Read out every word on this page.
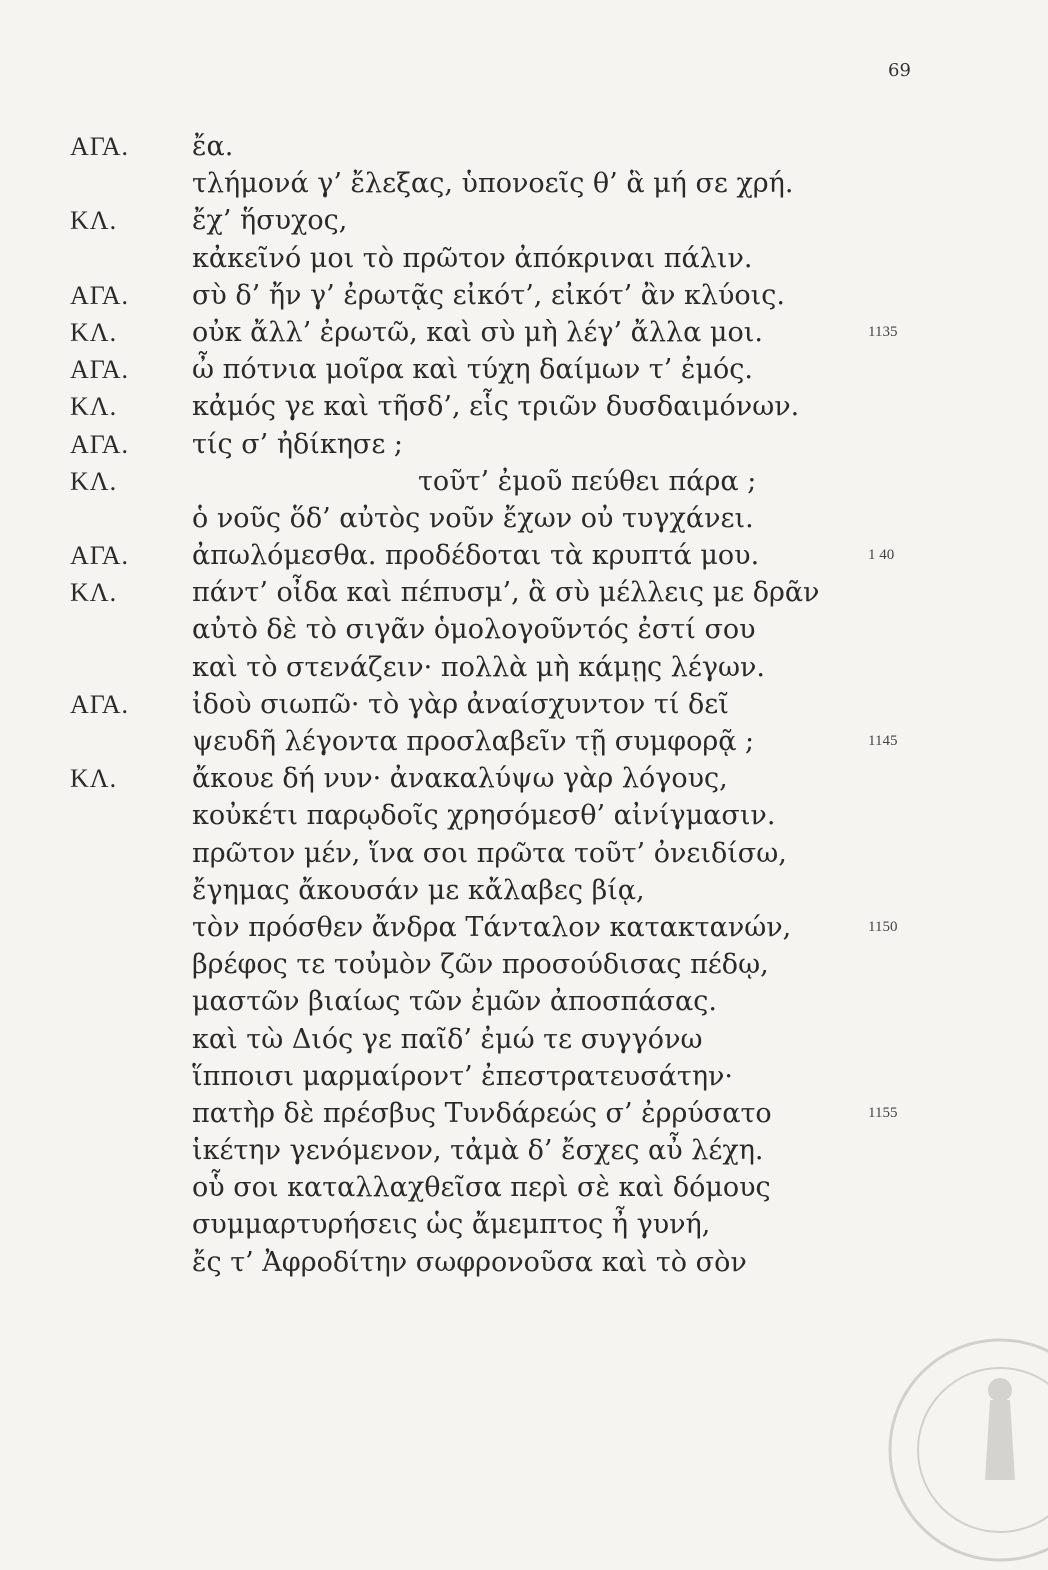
69
ΑΓΑ. ἔα.
τλήμονά γ’ ἔλεξας, ὑπονοεῖς θ’ ἃ μή σε χρή.
ΚΛ.	ἔχ’ ἥσυχος,
κἀκεῖνό μοι τὸ πρῶτον ἀπόκριναι πάλιν.
ΑΓΑ. σὺ δ’ ἤν γ’ ἐρωτᾷς εἰκότ’, εἰκότ’ ἂν κλύοις.
ΚΛ.	οὐκ ἄλλ’ ἐρωτῶ, καὶ σὺ μὴ λέγ’ ἄλλα μοι.	1135
ΑΓΑ. ὦ πότνια μοῖρα καὶ τύχη δαίμων τ’ ἐμός.
ΚΛ.	κἀμός γε καὶ τῆσδ’, εἷς τριῶν δυσδαιμόνων.
ΑΓΑ. τίς σ’ ἠδίκησε ;
ΚΛ.	τοῦτ’ ἐμοῦ πεύθει πάρα ;
ὁ νοῦς ὅδ’ αὐτὸς νοῦν ἔχων οὐ τυγχάνει.
ΑΓΑ. ἀπωλόμεσθα. προδέδοται τὰ κρυπτά μου.	1 40
ΚΛ.	πάντ’ οἶδα καὶ πέπυσμ’, ἃ σὺ μέλλεις με δρᾶν
αὐτὸ δὲ τὸ σιγᾶν ὁμολογοῦντός ἐστί σου
καὶ τὸ στενάζειν· πολλὰ μὴ κάμῃς λέγων.
ΑΓΑ. ἰδοὺ σιωπῶ· τὸ γὰρ ἀναίσχυντον τί δεῖ
ψευδῆ λέγοντα προσλαβεῖν τῇ συμφορᾷ ;	1145
ΚΛ.	ἄκουε δή νυν· ἀνακαλύψω γὰρ λόγους,
κοὐκέτι παρῳδοῖς χρησόμεσθ’ αἰνίγμασιν.
πρῶτον μέν, ἵνα σοι πρῶτα τοῦτ’ ὀνειδίσω,
ἔγημας ἄκουσάν με κἄλαβες βίᾳ,
τὸν πρόσθεν ἄνδρα Τάνταλον κατακτανών,	1150
βρέφος τε τοὐμὸν ζῶν προσούδισας πέδῳ,
μαστῶν βιαίως τῶν ἐμῶν ἀποσπάσας.
καὶ τὼ Διός γε παῖδ’ ἐμώ τε συγγόνω
ἵπποισι μαρμαίροντ’ ἐπεστρατευσάτην·
πατὴρ δὲ πρέσβυς Τυνδάρεώς σ’ ἐρρύσατο	1155
ἱκέτην γενόμενον, τἀμὰ δ’ ἔσχες αὖ λέχη.
οὗ σοι καταλλαχθεῖσα περὶ σὲ καὶ δόμους
συμμαρτυρήσεις ὡς ἄμεμπτος ἦ γυνή,
ἔς τ’ Ἀφροδίτην σωφρονοῦσα καὶ τὸ σὸν
